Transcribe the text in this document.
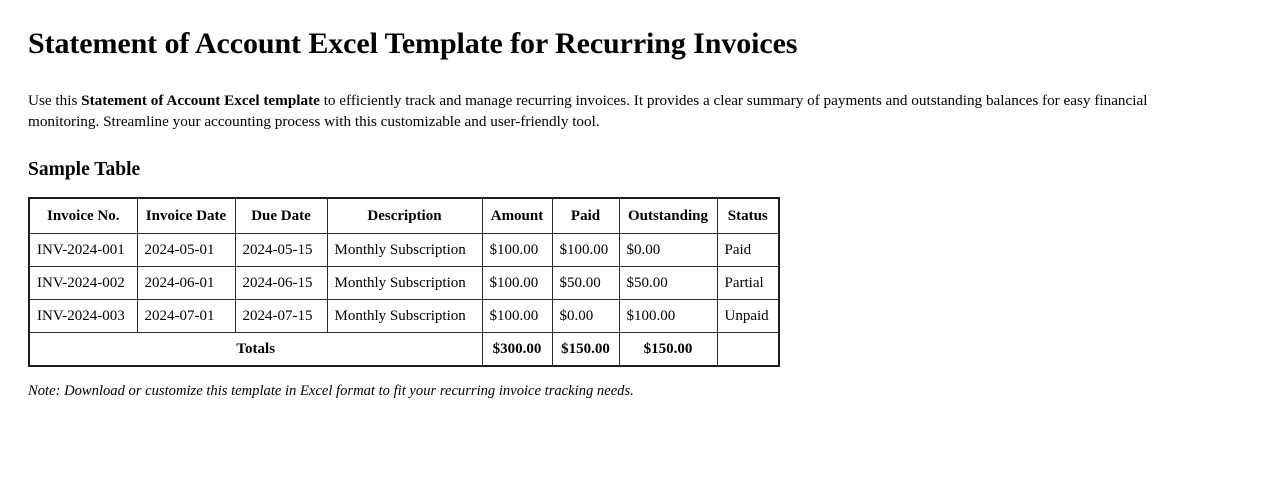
Statement of Account Excel Template for Recurring Invoices

Use this Statement of Account Excel template to efficiently track and manage recurring invoices. It provides a clear summary of payments and outstanding balances for easy financial monitoring. Streamline your accounting process with this customizable and user-friendly tool.

Sample Table
Invoice No.	Invoice Date	Due Date	Description	Amount	Paid	Outstanding	Status
INV-2024-001	2024-05-01	2024-05-15	Monthly Subscription	$100.00	$100.00	$0.00	Paid
INV-2024-002	2024-06-01	2024-06-15	Monthly Subscription	$100.00	$50.00	$50.00	Partial
INV-2024-003	2024-07-01	2024-07-15	Monthly Subscription	$100.00	$0.00	$100.00	Unpaid
Totals				$300.00	$150.00	$150.00	

Note: Download or customize this template in Excel format to fit your recurring invoice tracking needs.
